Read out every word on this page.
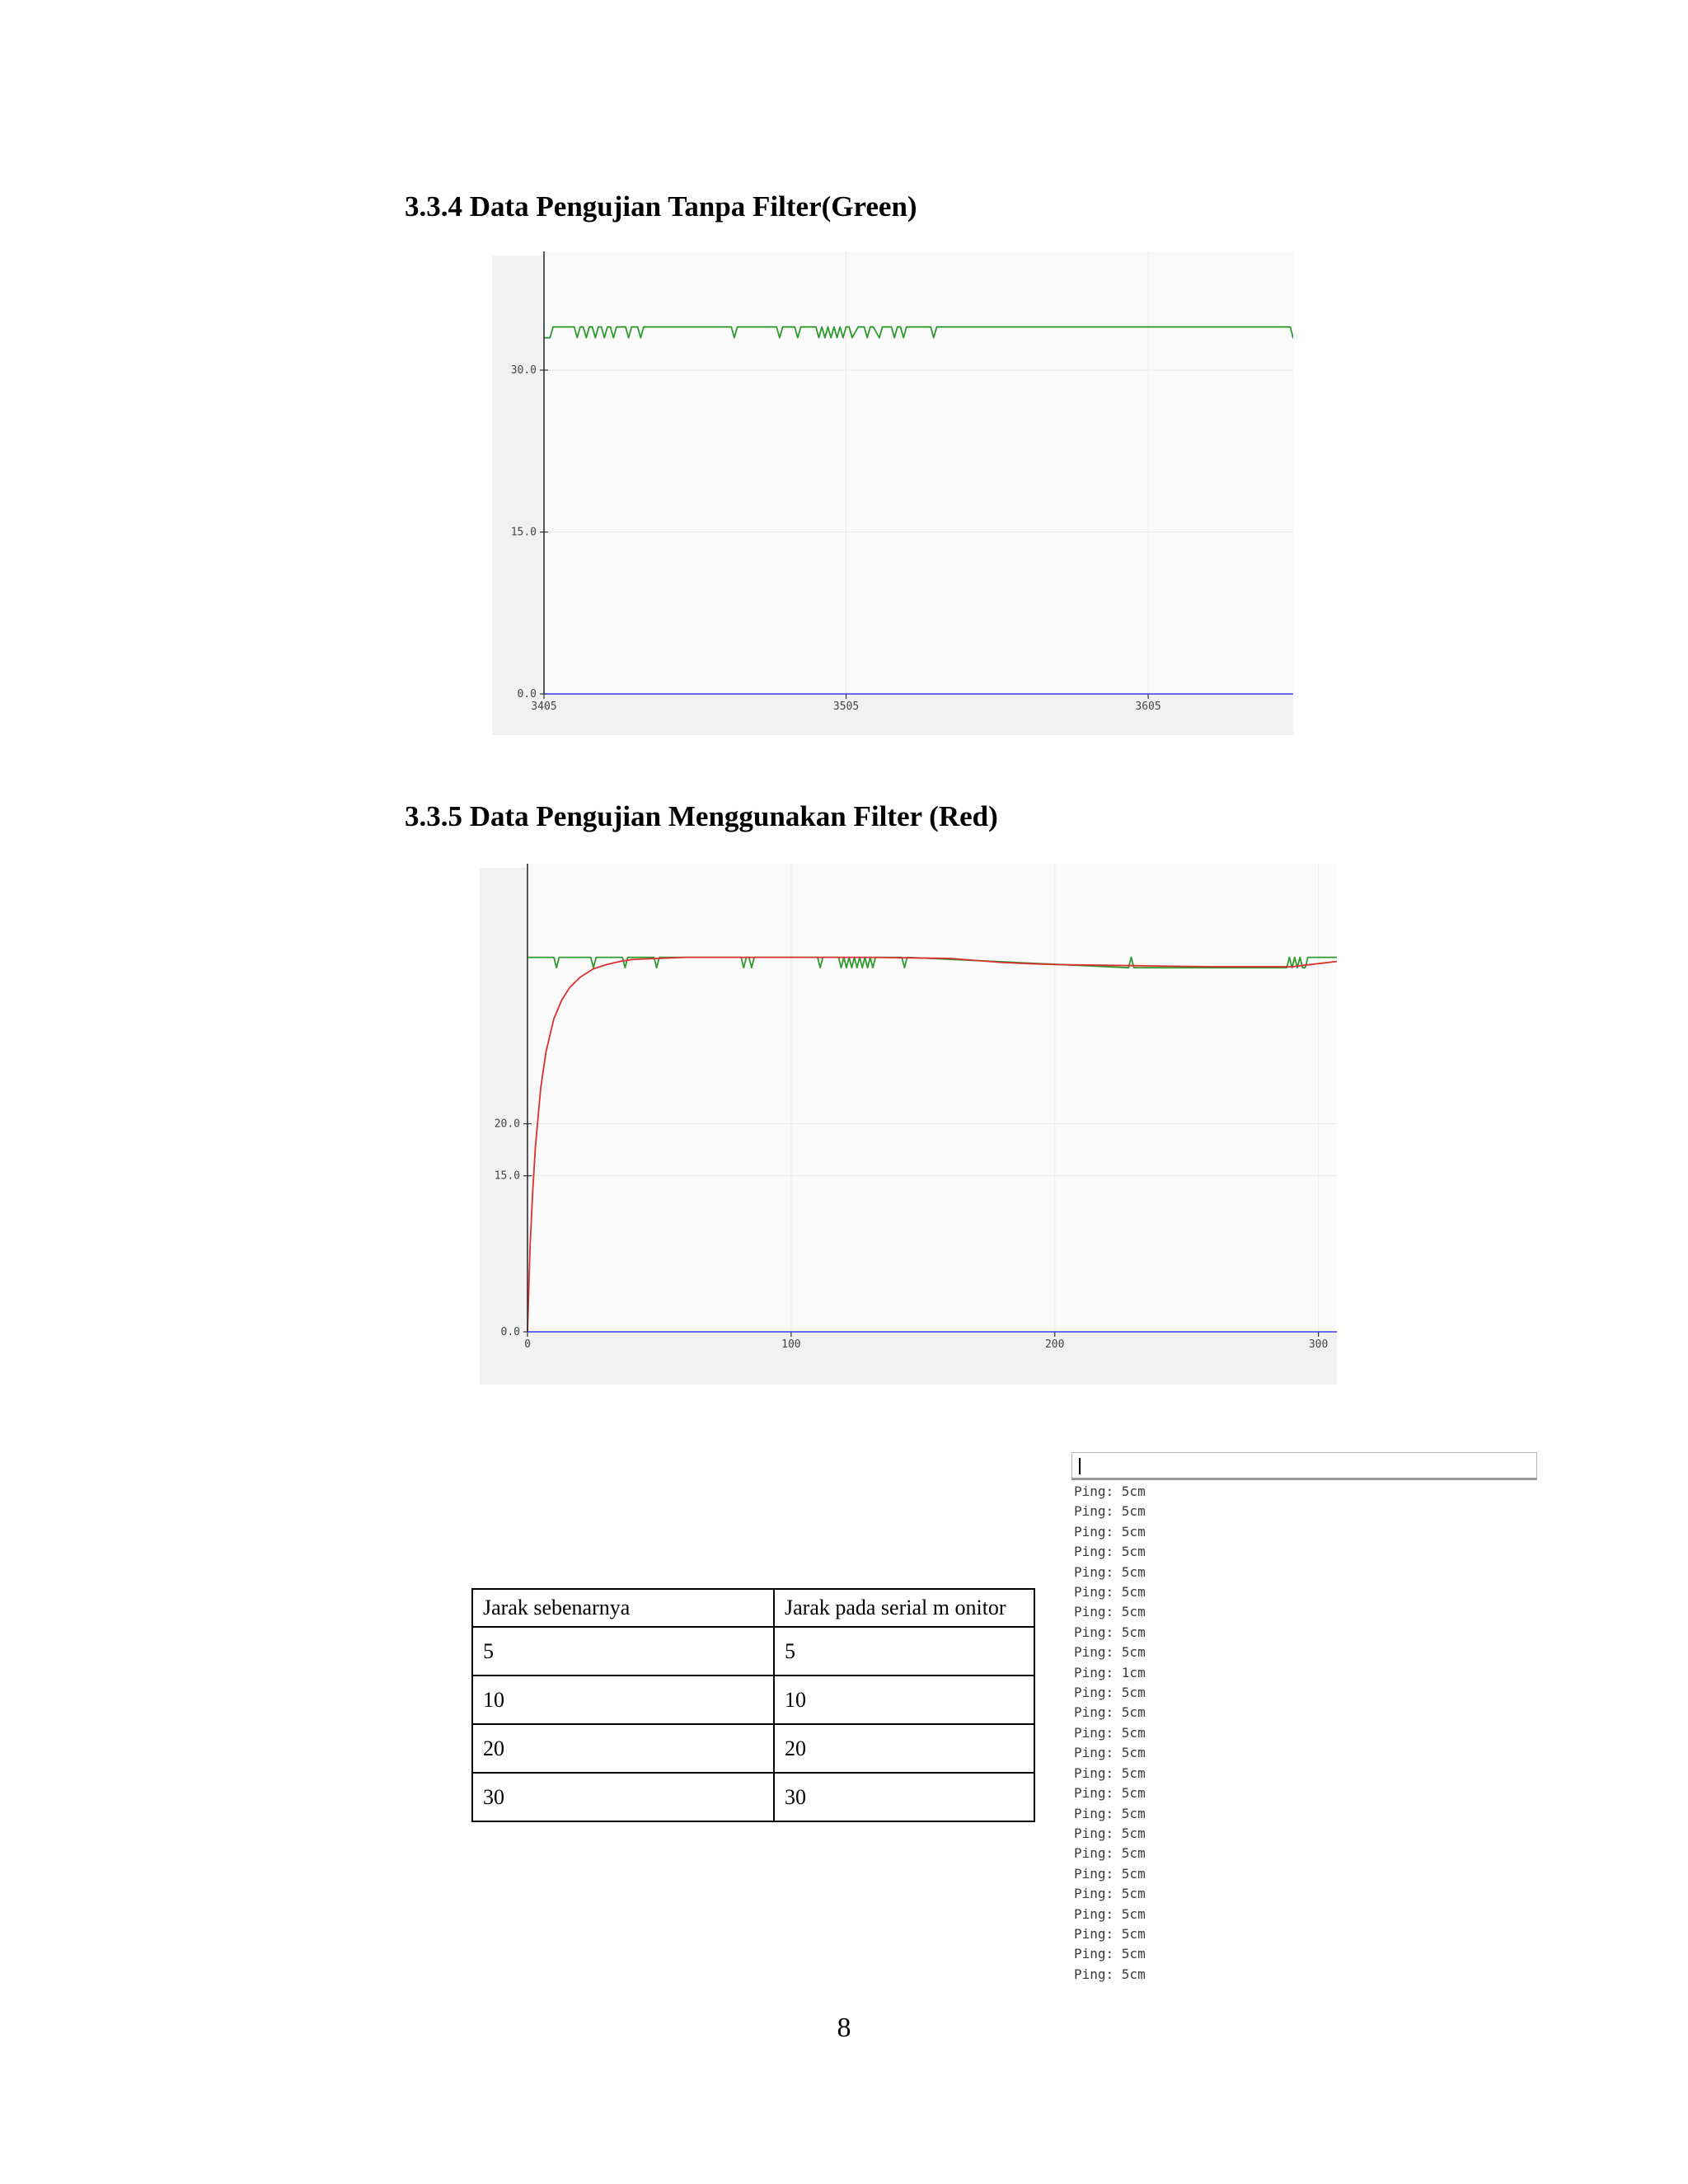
3.3.4 Data Pengujian Tanpa Filter(Green)
0.0
15.0
30.0
3405	3505	3605
3.3.5 Data Pengujian Menggunakan Filter (Red)
0.0
15.0
20.0
0	100	200	300
Jarak sebenarnya	Jarak pada serial m onitor
5	5
10	10
20	20
30	30
Ping: 5cm
Ping: 5cm
Ping: 5cm
Ping: 5cm
Ping: 5cm
Ping: 5cm
Ping: 5cm
Ping: 5cm
Ping: 5cm
Ping: 1cm
Ping: 5cm
Ping: 5cm
Ping: 5cm
Ping: 5cm
Ping: 5cm
Ping: 5cm
Ping: 5cm
Ping: 5cm
Ping: 5cm
Ping: 5cm
Ping: 5cm
Ping: 5cm
Ping: 5cm
Ping: 5cm
Ping: 5cm
8
